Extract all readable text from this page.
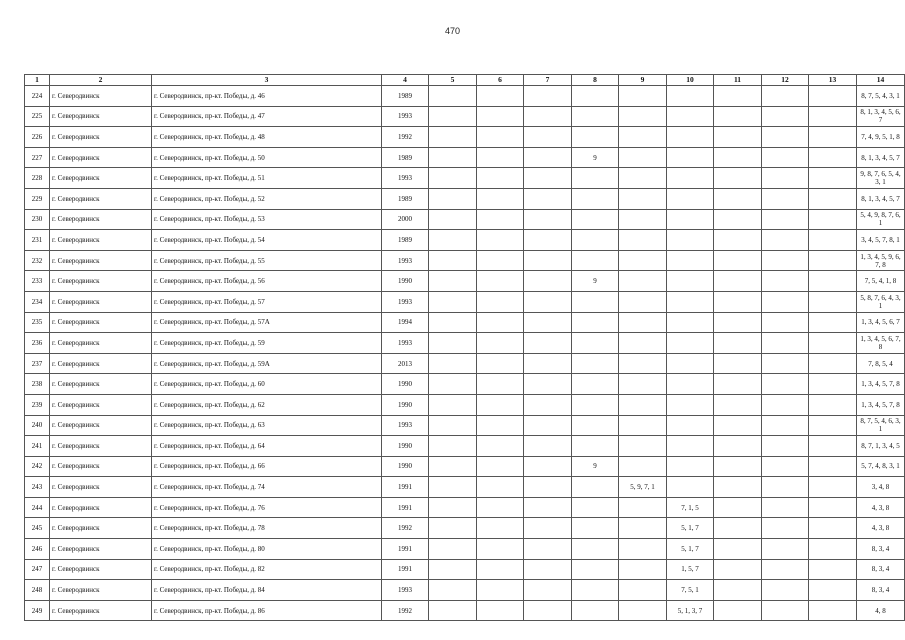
470
1	2	3	4	5	6	7	8	9	10	11	12	13	14
224	г. Северодвинск	г. Северодвинск, пр-кт. Победы, д. 46	1989										8, 7, 5, 4, 3, 1
225	г. Северодвинск	г. Северодвинск, пр-кт. Победы, д. 47	1993										8, 1, 3, 4, 5, 6, 7
226	г. Северодвинск	г. Северодвинск, пр-кт. Победы, д. 48	1992										7, 4, 9, 5, 1, 8
227	г. Северодвинск	г. Северодвинск, пр-кт. Победы, д. 50	1989				9						8, 1, 3, 4, 5, 7
228	г. Северодвинск	г. Северодвинск, пр-кт. Победы, д. 51	1993										9, 8, 7, 6, 5, 4, 3, 1
229	г. Северодвинск	г. Северодвинск, пр-кт. Победы, д. 52	1989										8, 1, 3, 4, 5, 7
230	г. Северодвинск	г. Северодвинск, пр-кт. Победы, д. 53	2000										5, 4, 9, 8, 7, 6, 1
231	г. Северодвинск	г. Северодвинск, пр-кт. Победы, д. 54	1989										3, 4, 5, 7, 8, 1
232	г. Северодвинск	г. Северодвинск, пр-кт. Победы, д. 55	1993										1, 3, 4, 5, 9, 6, 7, 8
233	г. Северодвинск	г. Северодвинск, пр-кт. Победы, д. 56	1990				9						7, 5, 4, 1, 8
234	г. Северодвинск	г. Северодвинск, пр-кт. Победы, д. 57	1993										5, 8, 7, 6, 4, 3, 1
235	г. Северодвинск	г. Северодвинск, пр-кт. Победы, д. 57А	1994										1, 3, 4, 5, 6, 7
236	г. Северодвинск	г. Северодвинск, пр-кт. Победы, д. 59	1993										1, 3, 4, 5, 6, 7, 8
237	г. Северодвинск	г. Северодвинск, пр-кт. Победы, д. 59А	2013										7, 8, 5, 4
238	г. Северодвинск	г. Северодвинск, пр-кт. Победы, д. 60	1990										1, 3, 4, 5, 7, 8
239	г. Северодвинск	г. Северодвинск, пр-кт. Победы, д. 62	1990										1, 3, 4, 5, 7, 8
240	г. Северодвинск	г. Северодвинск, пр-кт. Победы, д. 63	1993										8, 7, 5, 4, 6, 3, 1
241	г. Северодвинск	г. Северодвинск, пр-кт. Победы, д. 64	1990										8, 7, 1, 3, 4, 5
242	г. Северодвинск	г. Северодвинск, пр-кт. Победы, д. 66	1990				9						5, 7, 4, 8, 3, 1
243	г. Северодвинск	г. Северодвинск, пр-кт. Победы, д. 74	1991					5, 9, 7, 1					3, 4, 8
244	г. Северодвинск	г. Северодвинск, пр-кт. Победы, д. 76	1991						7, 1, 5				4, 3, 8
245	г. Северодвинск	г. Северодвинск, пр-кт. Победы, д. 78	1992						5, 1, 7				4, 3, 8
246	г. Северодвинск	г. Северодвинск, пр-кт. Победы, д. 80	1991						5, 1, 7				8, 3, 4
247	г. Северодвинск	г. Северодвинск, пр-кт. Победы, д. 82	1991						1, 5, 7				8, 3, 4
248	г. Северодвинск	г. Северодвинск, пр-кт. Победы, д. 84	1993						7, 5, 1				8, 3, 4
249	г. Северодвинск	г. Северодвинск, пр-кт. Победы, д. 86	1992						5, 1, 3, 7				4, 8
